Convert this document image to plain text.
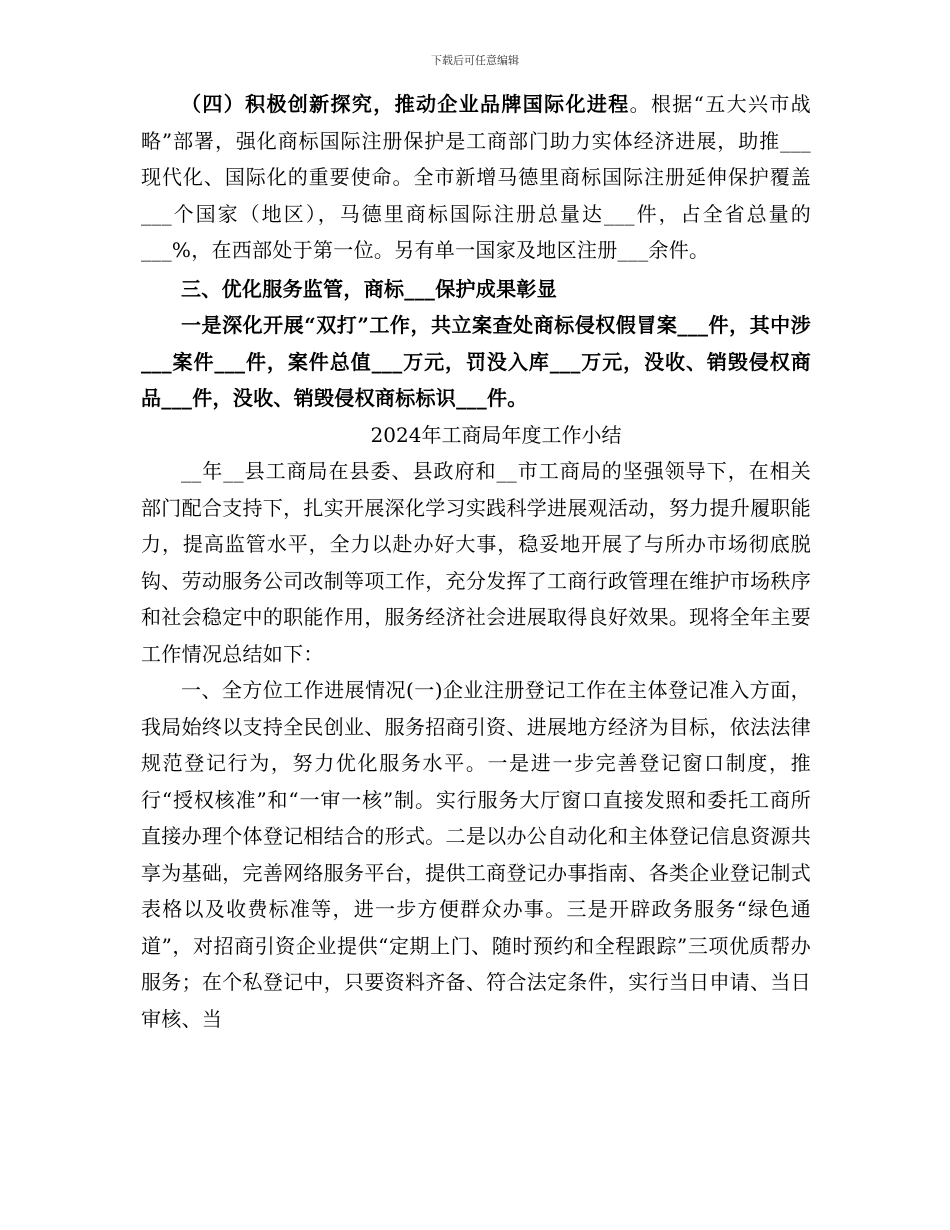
下载后可任意编辑

（四）积极创新探究，推动企业品牌国际化进程。根据“五大兴市战略”部署，强化商标国际注册保护是工商部门助力实体经济进展，助推___现代化、国际化的重要使命。全市新增马德里商标国际注册延伸保护覆盖___个国家（地区），马德里商标国际注册总量达___件，占全省总量的___%，在西部处于第一位。另有单一国家及地区注册___余件。

三、优化服务监管，商标___保护成果彰显

一是深化开展“双打”工作，共立案查处商标侵权假冒案___件，其中涉___案件___件，案件总值___万元，罚没入库___万元，没收、销毁侵权商品___件，没收、销毁侵权商标标识___件。

2024年工商局年度工作小结

__年__县工商局在县委、县政府和__市工商局的坚强领导下，在相关部门配合支持下，扎实开展深化学习实践科学进展观活动，努力提升履职能力，提高监管水平，全力以赴办好大事，稳妥地开展了与所办市场彻底脱钩、劳动服务公司改制等项工作，充分发挥了工商行政管理在维护市场秩序和社会稳定中的职能作用，服务经济社会进展取得良好效果。现将全年主要工作情况总结如下：

一、全方位工作进展情况(一)企业注册登记工作在主体登记准入方面，我局始终以支持全民创业、服务招商引资、进展地方经济为目标，依法法律规范登记行为，努力优化服务水平。一是进一步完善登记窗口制度，推行“授权核准”和“一审一核”制。实行服务大厅窗口直接发照和委托工商所直接办理个体登记相结合的形式。二是以办公自动化和主体登记信息资源共享为基础，完善网络服务平台，提供工商登记办事指南、各类企业登记制式表格以及收费标准等，进一步方便群众办事。三是开辟政务服务“绿色通道”，对招商引资企业提供“定期上门、随时预约和全程跟踪”三项优质帮办服务；在个私登记中，只要资料齐备、符合法定条件，实行当日申请、当日审核、当
